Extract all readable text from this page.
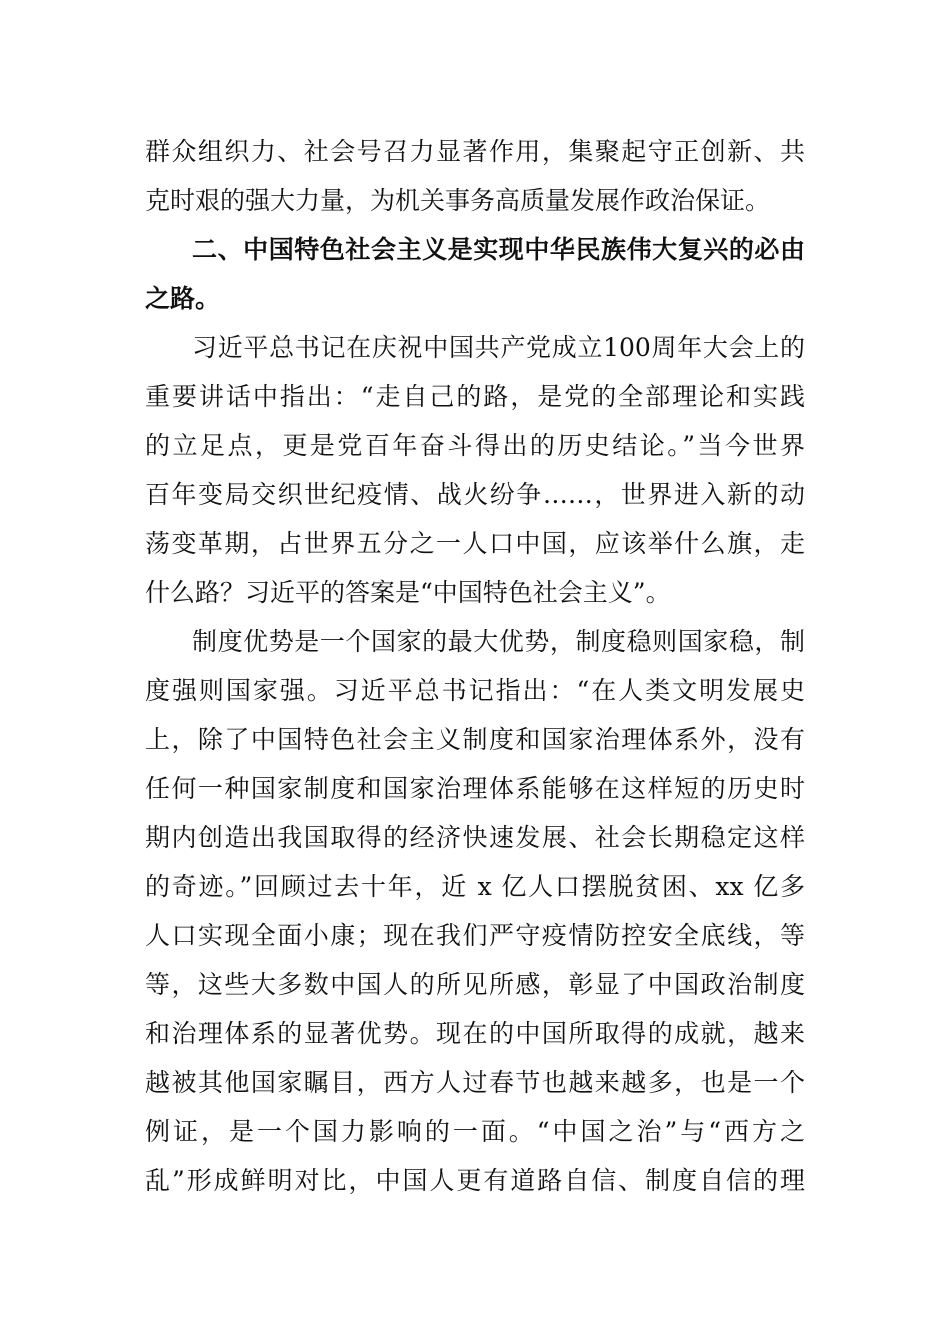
群众组织力、社会号召力显著作用，集聚起守正创新、共
克时艰的强大力量，为机关事务高质量发展作政治保证。
二、中国特色社会主义是实现中华民族伟大复兴的必由
之路。
习近平总书记在庆祝中国共产党成立100周年大会上的
重要讲话中指出：“走自己的路，是党的全部理论和实践
的立足点，更是党百年奋斗得出的历史结论。”当今世界
百年变局交织世纪疫情、战火纷争……，世界进入新的动
荡变革期，占世界五分之一人口中国，应该举什么旗，走
什么路？习近平的答案是“中国特色社会主义”。
制度优势是一个国家的最大优势，制度稳则国家稳，制
度强则国家强。习近平总书记指出：“在人类文明发展史
上，除了中国特色社会主义制度和国家治理体系外，没有
任何一种国家制度和国家治理体系能够在这样短的历史时
期内创造出我国取得的经济快速发展、社会长期稳定这样
的奇迹。”回顾过去十年，近 x 亿人口摆脱贫困、xx 亿多
人口实现全面小康；现在我们严守疫情防控安全底线，等
等，这些大多数中国人的所见所感，彰显了中国政治制度
和治理体系的显著优势。现在的中国所取得的成就，越来
越被其他国家瞩目，西方人过春节也越来越多，也是一个
例证，是一个国力影响的一面。“中国之治”与“西方之
乱”形成鲜明对比，中国人更有道路自信、制度自信的理
